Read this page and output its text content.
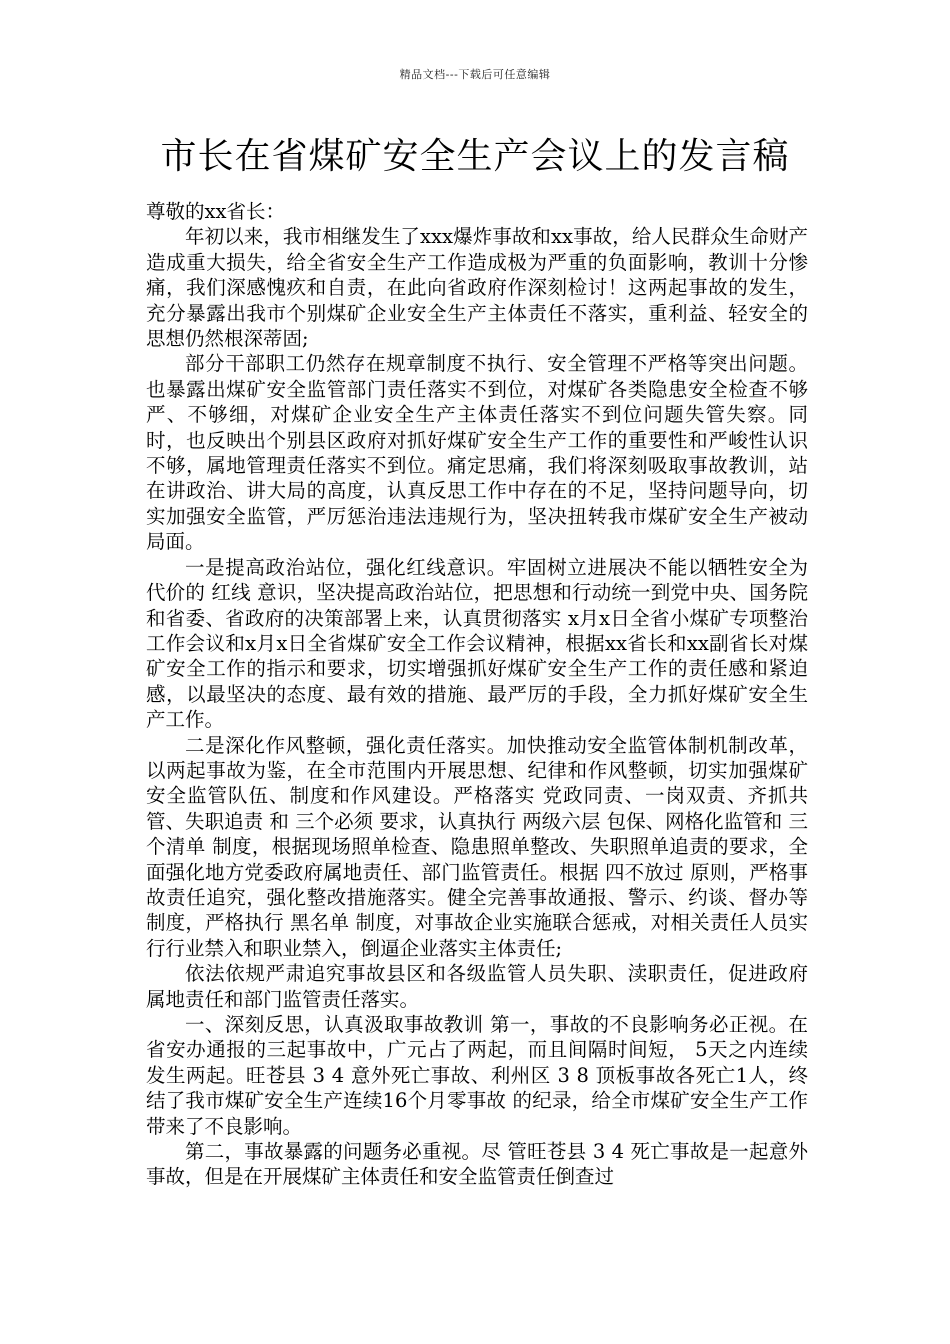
精品文档---下载后可任意编辑
市长在省煤矿安全生产会议上的发言稿

尊敬的xx省长：

年初以来，我市相继发生了xxx爆炸事故和xx事故，给人民群众生命财产造成重大损失，给全省安全生产工作造成极为严重的负面影响，教训十分惨痛，我们深感愧疚和自责，在此向省政府作深刻检讨！这两起事故的发生，充分暴露出我市个别煤矿企业安全生产主体责任不落实，重利益、轻安全的思想仍然根深蒂固;

部分干部职工仍然存在规章制度不执行、安全管理不严格等突出问题。也暴露出煤矿安全监管部门责任落实不到位，对煤矿各类隐患安全检查不够严、不够细，对煤矿企业安全生产主体责任落实不到位问题失管失察。同时，也反映出个别县区政府对抓好煤矿安全生产工作的重要性和严峻性认识不够，属地管理责任落实不到位。痛定思痛，我们将深刻吸取事故教训，站在讲政治、讲大局的高度，认真反思工作中存在的不足，坚持问题导向，切实加强安全监管，严厉惩治违法违规行为，坚决扭转我市煤矿安全生产被动局面。

一是提高政治站位，强化红线意识。牢固树立进展决不能以牺牲安全为代价的 红线 意识，坚决提高政治站位，把思想和行动统一到党中央、国务院和省委、省政府的决策部署上来，认真贯彻落实 x月x日全省小煤矿专项整治工作会议和x月x日全省煤矿安全工作会议精神，根据xx省长和xx副省长对煤矿安全工作的指示和要求，切实增强抓好煤矿安全生产工作的责任感和紧迫感，以最坚决的态度、最有效的措施、最严厉的手段，全力抓好煤矿安全生产工作。

二是深化作风整顿，强化责任落实。加快推动安全监管体制机制改革，以两起事故为鉴，在全市范围内开展思想、纪律和作风整顿，切实加强煤矿安全监管队伍、制度和作风建设。严格落实 党政同责、一岗双责、齐抓共管、失职追责 和 三个必须 要求，认真执行 两级六层 包保、网格化监管和 三个清单 制度，根据现场照单检查、隐患照单整改、失职照单追责的要求，全面强化地方党委政府属地责任、部门监管责任。根据 四不放过 原则，严格事故责任追究，强化整改措施落实。健全完善事故通报、警示、约谈、督办等制度，严格执行 黑名单 制度，对事故企业实施联合惩戒，对相关责任人员实行行业禁入和职业禁入，倒逼企业落实主体责任;

依法依规严肃追究事故县区和各级监管人员失职、渎职责任，促进政府属地责任和部门监管责任落实。

一、深刻反思，认真汲取事故教训 第一，事故的不良影响务必正视。在省安办通报的三起事故中，广元占了两起，而且间隔时间短， 5天之内连续发生两起。旺苍县 3 4 意外死亡事故、利州区 3 8 顶板事故各死亡1人，终结了我市煤矿安全生产连续16个月零事故 的纪录，给全市煤矿安全生产工作带来了不良影响。

第二，事故暴露的问题务必重视。尽 管旺苍县 3 4 死亡事故是一起意外事故，但是在开展煤矿主体责任和安全监管责任倒查过
